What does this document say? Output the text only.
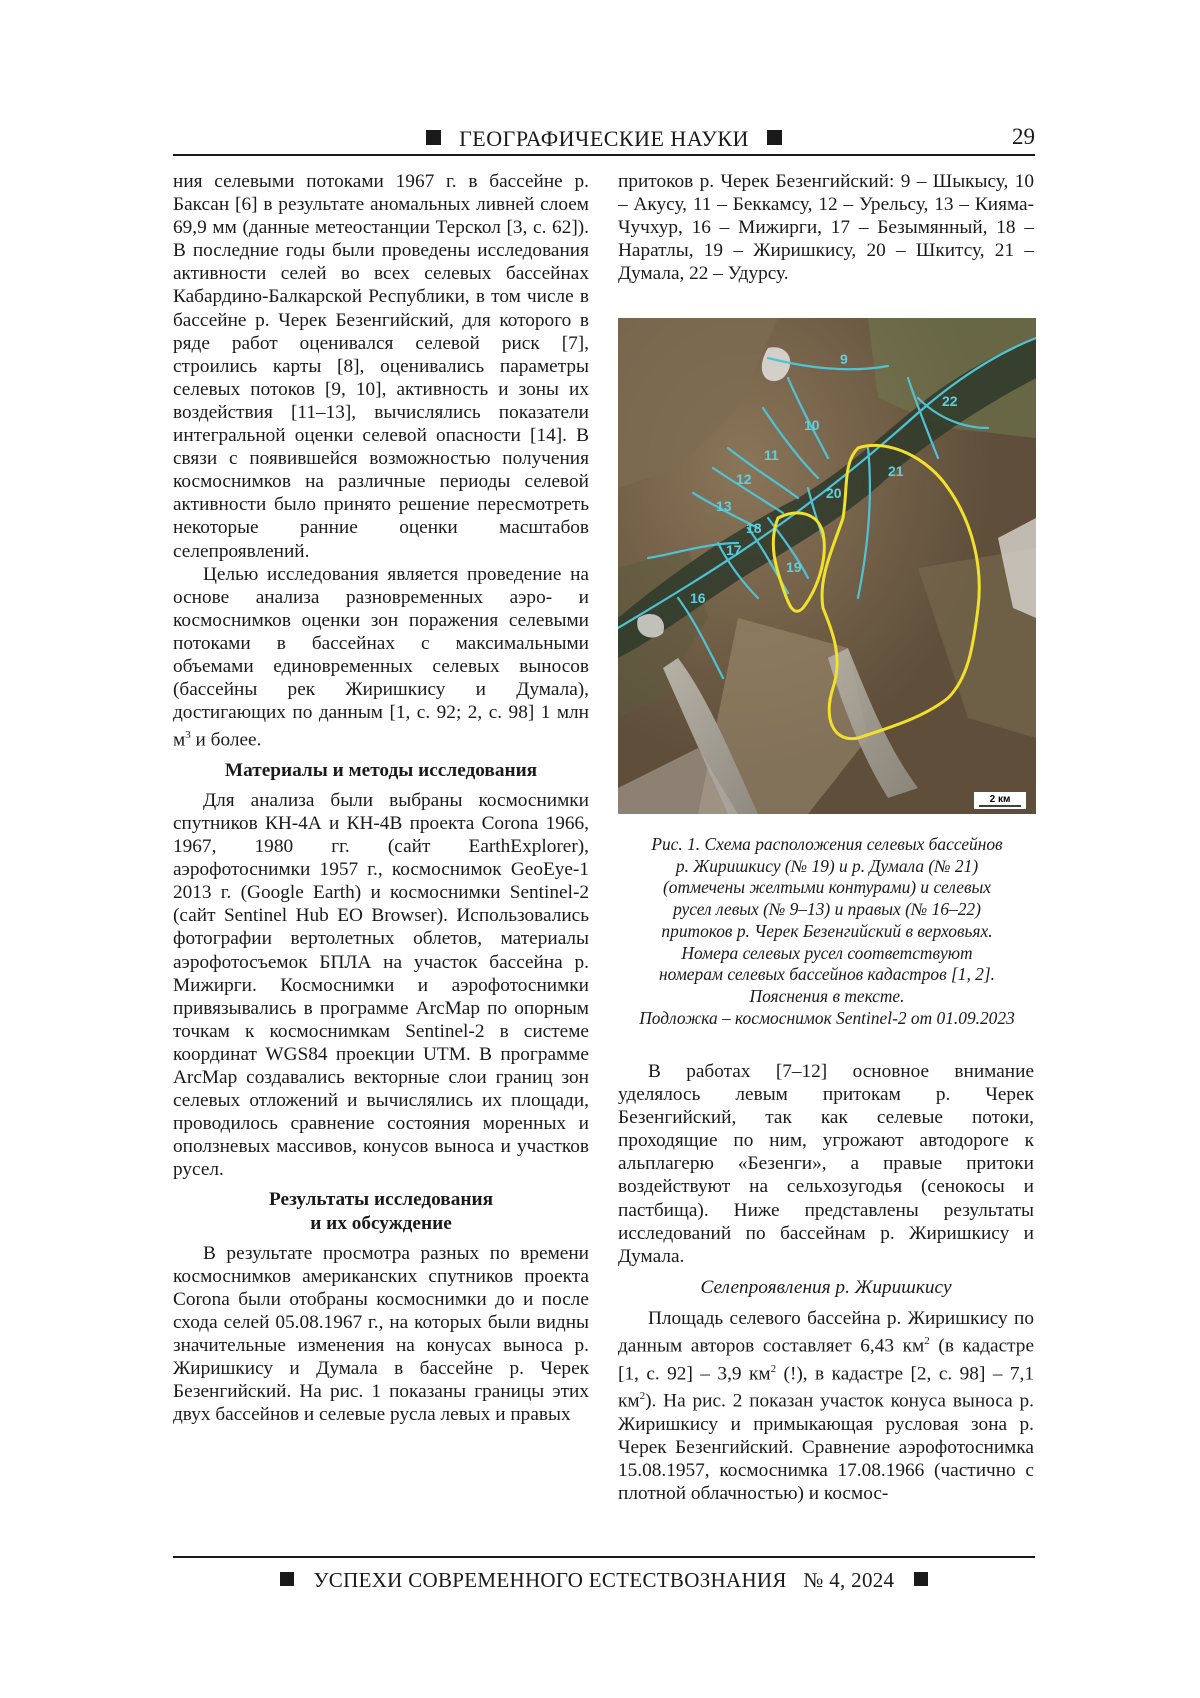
ГЕОГРАФИЧЕСКИЕ НАУКИ	29

ния селевыми потоками 1967 г. в бассейне р. Баксан [6] в результате аномальных ливней слоем 69,9 мм (данные метеостанции Терскол [3, с. 62]). В последние годы были проведены исследования активности селей во всех селевых бассейнах Кабардино-Балкарской Республики, в том числе в бассейне р. Черек Безенгийский, для которого в ряде работ оценивался селевой риск [7], строились карты [8], оценивались параметры селевых потоков [9, 10], активность и зоны их воздействия [11–13], вычислялись показатели интегральной оценки селевой опасности [14]. В связи с появившейся возможностью получения космоснимков на различные периоды селевой активности было принято решение пересмотреть некоторые ранние оценки масштабов селепроявлений.

Целью исследования является проведение на основе анализа разновременных аэро- и космоснимков оценки зон поражения селевыми потоками в бассейнах с максимальными объемами единовременных селевых выносов (бассейны рек Жиришкису и Думала), достигающих по данным [1, с. 92; 2, с. 98] 1 млн $м^3$ и более.

Материалы и методы исследования

Для анализа были выбраны космоснимки спутников КН-4А и КН-4В проекта Corona 1966, 1967, 1980 гг. (сайт EarthExplorer), аэрофотоснимки 1957 г., космоснимок GeoEye-1 2013 г. (Google Earth) и космоснимки Sentinel-2 (сайт Sentinel Hub EO Browser). Использовались фотографии вертолетных облетов, материалы аэрофотосъемок БПЛА на участок бассейна р. Мижирги. Космоснимки и аэрофотоснимки привязывались в программе ArcMap по опорным точкам к космоснимкам Sentinel-2 в системе координат WGS84 проекции UTM. В программе ArcMap создавались векторные слои границ зон селевых отложений и вычислялись их площади, проводилось сравнение состояния моренных и оползневых массивов, конусов выноса и участков русел.

Результаты исследования

и их обсуждение

В результате просмотра разных по времени космоснимков американских спутников проекта Corona были отобраны космоснимки до и после схода селей 05.08.1967 г., на которых были видны значительные изменения на конусах выноса р. Жиришкису и Думала в бассейне р. Черек Безенгийский. На рис. 1 показаны границы этих двух бассейнов и селевые русла левых и правых

притоков р. Черек Безенгийский: 9 – Шыкысу, 10 – Акусу, 11 – Беккамсу, 12 – Урельсу, 13 – Кияма-Чучхур, 16 – Мижирги, 17 – Безымянный, 18 – Наратлы, 19 – Жиришкису, 20 – Шкитсу, 21 – Думала, 22 – Удурсу.

9
10
11
12
13
16
17
18
19
20
21
22
2 км
Рис. 1. Схема расположения селевых бассейнов
р. Жиришкису (№ 19) и р. Думала (№ 21)
(отмечены желтыми контурами) и селевых
русел левых (№ 9–13) и правых (№ 16–22)
притоков р. Черек Безенгийский в верховьях.
Номера селевых русел соответствуют
номерам селевых бассейнов кадастров [1, 2].
Пояснения в тексте.
Подложка – космоснимок Sentinel-2 от 01.09.2023

В работах [7–12] основное внимание уделялось левым притокам р. Черек Безенгийский, так как селевые потоки, проходящие по ним, угрожают автодороге к альплагерю «Безенги», а правые притоки воздействуют на сельхозугодья (сенокосы и пастбища). Ниже представлены результаты исследований по бассейнам р. Жиришкису и Думала.

Селепроявления р. Жиришкису

Площадь селевого бассейна р. Жиришкису по данным авторов составляет 6,43 $км^2$ (в кадастре [1, с. 92] – 3,9 $км^2$ (!), в кадастре [2, с. 98] – 7,1 $км^2$). На рис. 2 показан участок конуса выноса р. Жиришкису и примыкающая русловая зона р. Черек Безенгийский. Сравнение аэрофотоснимка 15.08.1957, космоснимка 17.08.1966 (частично с плотной облачностью) и космос-

УСПЕХИ СОВРЕМЕННОГО ЕСТЕСТВОЗНАНИЯ № 4, 2024
